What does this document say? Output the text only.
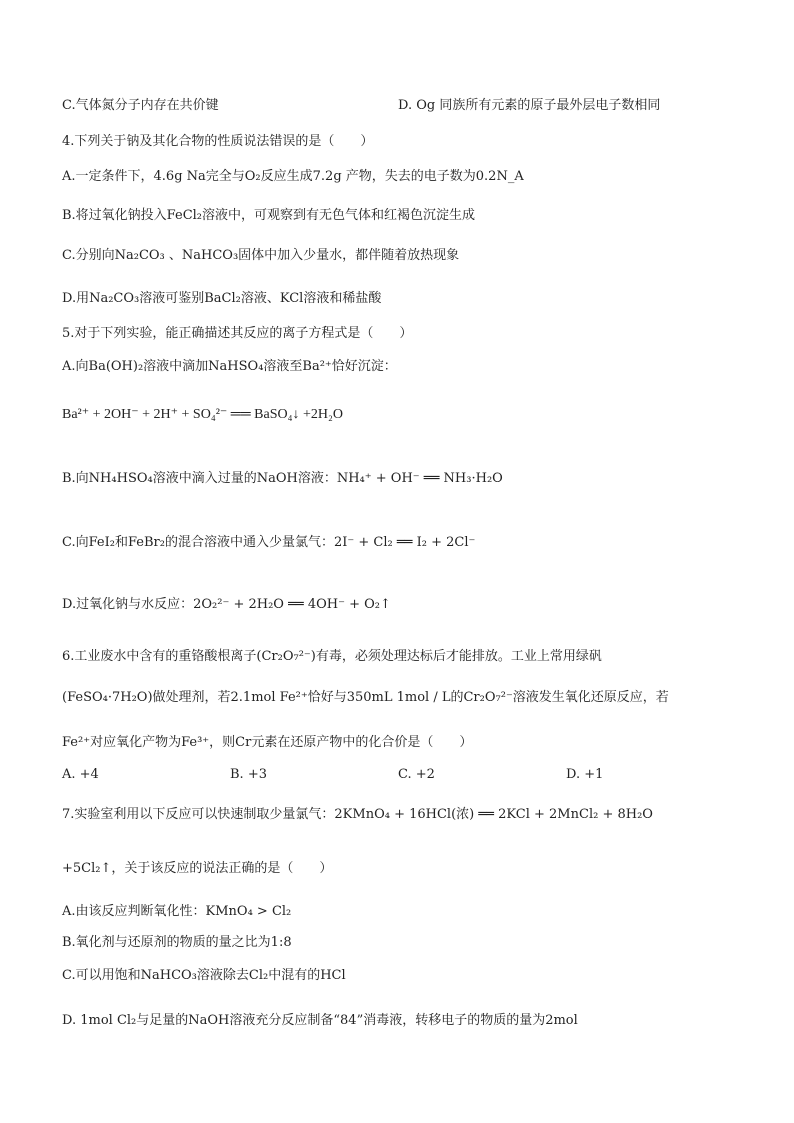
C.气体氮分子内存在共价键	D. Og 同族所有元素的原子最外层电子数相同
4.下列关于钠及其化合物的性质说法错误的是（　　）
A.一定条件下，4.6g Na完全与O₂反应生成7.2g 产物，失去的电子数为0.2N_A
B.将过氧化钠投入FeCl₂溶液中，可观察到有无色气体和红褐色沉淀生成
C.分别向Na₂CO₃ 、NaHCO₃固体中加入少量水，都伴随着放热现象
D.用Na₂CO₃溶液可鉴别BaCl₂溶液、KCl溶液和稀盐酸
5.对于下列实验，能正确描述其反应的离子方程式是（　　）
A.向Ba(OH)₂溶液中滴加NaHSO₄溶液至Ba²⁺恰好沉淀：
Ba²⁺ + 2OH⁻ + 2H⁺ + SO₄²⁻ ══ BaSO₄↓ +2H₂O
B.向NH₄HSO₄溶液中滴入过量的NaOH溶液：NH₄⁺ + OH⁻ ══ NH₃·H₂O
C.向FeI₂和FeBr₂的混合溶液中通入少量氯气：2I⁻ + Cl₂ ══ I₂ + 2Cl⁻
D.过氧化钠与水反应：2O₂²⁻ + 2H₂O ══ 4OH⁻ + O₂↑
6.工业废水中含有的重铬酸根离子(Cr₂O₇²⁻)有毒，必须处理达标后才能排放。工业上常用绿矾
(FeSO₄·7H₂O)做处理剂，若2.1mol Fe²⁺恰好与350mL 1mol / L的Cr₂O₇²⁻溶液发生氧化还原反应，若
Fe²⁺对应氧化产物为Fe³⁺，则Cr元素在还原产物中的化合价是（　　）
A. +4	B. +3	C. +2	D. +1
7.实验室利用以下反应可以快速制取少量氯气：2KMnO₄ + 16HCl(浓) ══ 2KCl + 2MnCl₂ + 8H₂O
+5Cl₂↑，关于该反应的说法正确的是（　　）
A.由该反应判断氧化性：KMnO₄ > Cl₂
B.氧化剂与还原剂的物质的量之比为1:8
C.可以用饱和NaHCO₃溶液除去Cl₂中混有的HCl
D. 1mol Cl₂与足量的NaOH溶液充分反应制备“84”消毒液，转移电子的物质的量为2mol
